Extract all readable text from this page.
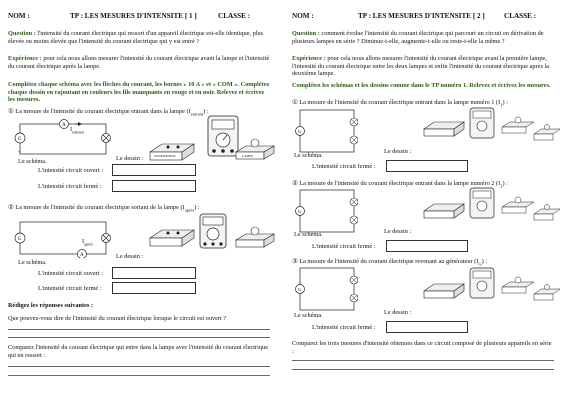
NOM :	TP : LES MESURES D'INTENSITE [ 1 ]	CLASSE :
Question : l'intensité du courant électrique qui ressort d'un appareil électrique est-elle identique, plus élevée ou moins élevée que l'intensité du courant électrique qui y est entré ?
Expérience : pour cela nous allons mesurer l'intensité du courant électrique avant la lampe et l'intensité du courant électrique après la lampe.
Complétez chaque schéma avec les flèches du courant, les bornes « 10 A » et « COM ». Complétez chaque dessin en rajoutant en couleurs les fils manquants en rouge et en noir. Relevez et écrivez les mesures.
① La mesure de l'intensité du courant électrique entrant dans la lampe $(I_{entrant})$ :
G
A
+
−	$I_{entrant}$
GENERATEUR	LAMPE
Le schéma.	Le dessin :
L'intensité circuit ouvert :
L'intensité circuit fermé :
② La mesure de l'intensité du courant électrique sortant de la lampe $(I_{après})$ :
G
A
$I_{après}$
Le schéma.
Le dessin :
L'intensité circuit ouvert :
L'intensité circuit fermé :
Rédigez les réponses suivantes :
Que pouvez-vous dire de l'intensité du courant électrique lorsque le circuit est ouvert ?
Comparez l'intensité du courant électrique qui entre dans la lampe avec l'intensité du courant électrique qui en ressort :
NOM :	TP : LES MESURES D'INTENSITE [ 2 ]	CLASSE :
Question : comment évolue l'intensité du courant électrique qui parcourt un circuit en dérivation de plusieurs lampes en série ? Diminue-t-elle, augmente-t-elle ou reste-t-elle la même ?
Expérience : pour cela nous allons mesurer l'intensité du courant électrique avant la première lampe, l'intensité du courant électrique entre les deux lampes et enfin l'intensité du courant électrique après la deuxième lampe.
Complétez les schémas et les dessins comme dans le TP numéro 1. Relevez et écrivez les mesures.
① La mesure de l'intensité du courant électrique entrant dans la lampe numéro 1 $(I_1)$ :
G
Le schéma.
Le dessin :
L'intensité circuit fermé :
② La mesure de l'intensité du courant électrique entrant dans la lampe numéro 2 $(I_2)$ :
G
Le schéma.	Le dessin :
L'intensité circuit fermé :
③ La mesure de l'intensité du courant électrique revenant au générateur $(I_G)$ :
G
Le schéma.	Le dessin :
L'intensité circuit fermé :
Comparez les trois mesures d'intensité obtenues dans ce circuit composé de plusieurs appareils en série :
